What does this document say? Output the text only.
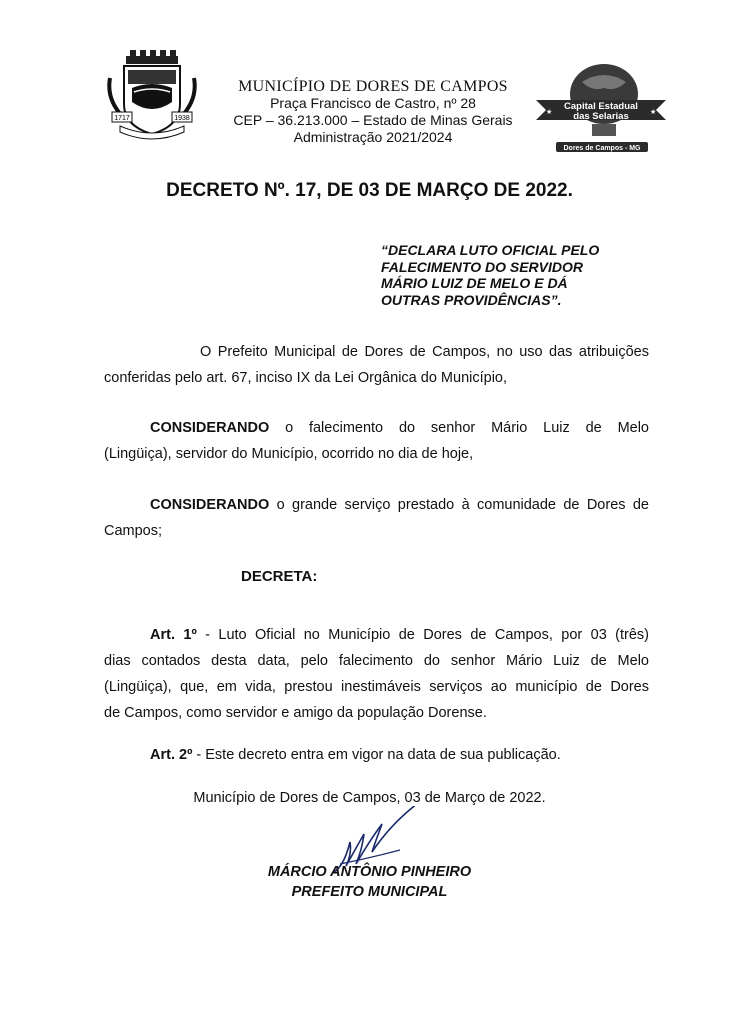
1717	1938
MUNICÍPIO DE DORES DE CAMPOS
Praça Francisco de Castro, nº 28
CEP – 36.213.000 – Estado de Minas Gerais
Administração 2021/2024
Capital Estadual
das Selarias
★	★
Dores de Campos - MG
DECRETO Nº. 17, DE 03 DE MARÇO DE 2022.
“DECLARA LUTO OFICIAL PELO
FALECIMENTO DO SERVIDOR
MÁRIO LUIZ DE MELO E DÁ
OUTRAS PROVIDÊNCIAS”.
O Prefeito Municipal de Dores de Campos, no uso das atribuições
conferidas pelo art. 67, inciso IX da Lei Orgânica do Município,
CONSIDERANDO o falecimento do senhor Mário Luiz de Melo
(Lingüiça), servidor do Município, ocorrido no dia de hoje,
CONSIDERANDO o grande serviço prestado à comunidade de Dores de
Campos;
DECRETA:
Art. 1º - Luto Oficial no Município de Dores de Campos, por 03 (três)
dias contados desta data, pelo falecimento do senhor Mário Luiz de Melo
(Lingüiça), que, em vida, prestou inestimáveis serviços ao município de Dores
de Campos, como servidor e amigo da população Dorense.
Art. 2º - Este decreto entra em vigor na data de sua publicação.
Município de Dores de Campos, 03 de Março de 2022.
MÁRCIO ANTÔNIO PINHEIRO
PREFEITO MUNICIPAL
